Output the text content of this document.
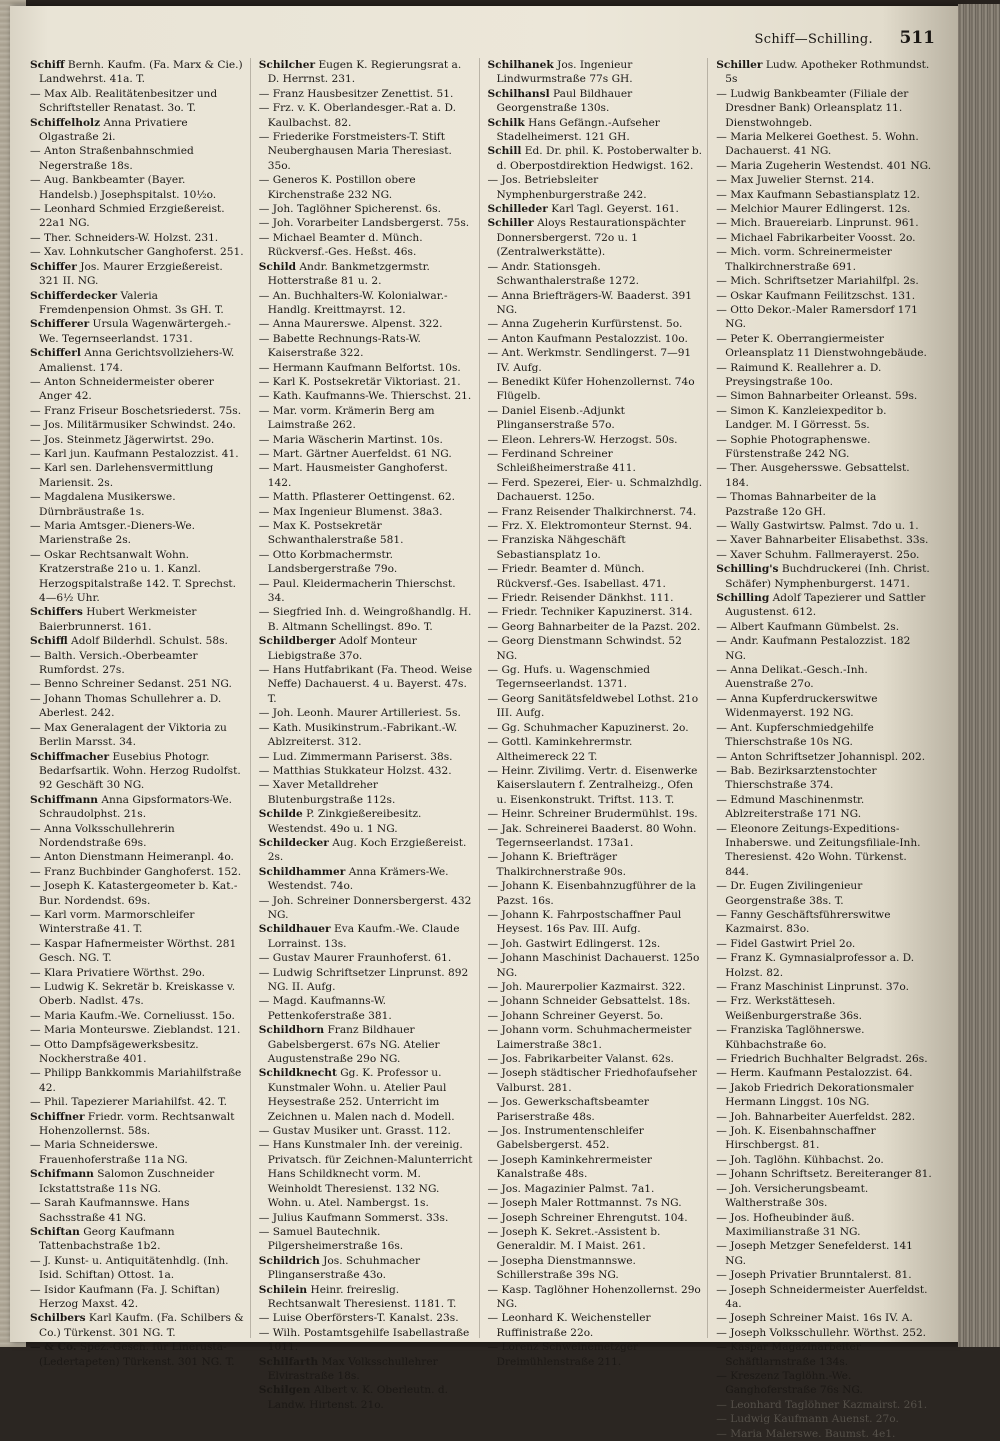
Schiff—Schilling. 511

Schiff Bernh. Kaufm. (Fa. Marx & Cie.) Landwehrst. 41a. T.

— Max Alb. Realitätenbesitzer und Schriftsteller Renatast. 3o. T.

Schiffelholz Anna Privatiere Olgastraße 2i.

— Anton Straßenbahnschmied Negerstraße 18s.

— Aug. Bankbeamter (Bayer. Handelsb.) Josephspitalst. 10½o.

— Leonhard Schmied Erzgießereist. 22a1 NG.

— Ther. Schneiders-W. Holzst. 231.

— Xav. Lohnkutscher Ganghoferst. 251.

Schiffer Jos. Maurer Erzgießereist. 321 II. NG.

Schifferdecker Valeria Fremdenpension Ohmst. 3s GH. T.

Schifferer Ursula Wagenwärtergeh.-We. Tegernseerlandst. 1731.

Schifferl Anna Gerichtsvollziehers-W. Amalienst. 174.

— Anton Schneidermeister oberer Anger 42.

— Franz Friseur Boschetsriederst. 75s.

— Jos. Militärmusiker Schwindst. 24o.

— Jos. Steinmetz Jägerwirtst. 29o.

— Karl jun. Kaufmann Pestalozzist. 41.

— Karl sen. Darlehensvermittlung Mariensit. 2s.

— Magdalena Musikerswe. Dürnbräustraße 1s.

— Maria Amtsger.-Dieners-We. Marienstraße 2s.

— Oskar Rechtsanwalt Wohn. Kratzerstraße 21o u. 1. Kanzl. Herzogspitalstraße 142. T. Sprechst. 4—6½ Uhr.

Schiffers Hubert Werkmeister Baierbrunnerst. 161.

Schiffl Adolf Bilderhdl. Schulst. 58s.

— Balth. Versich.-Oberbeamter Rumfordst. 27s.

— Benno Schreiner Sedanst. 251 NG.

— Johann Thomas Schullehrer a. D. Aberlest. 242.

— Max Generalagent der Viktoria zu Berlin Marsst. 34.

Schiffmacher Eusebius Photogr. Bedarfsartik. Wohn. Herzog Rudolfst. 92 Geschäft 30 NG.

Schiffmann Anna Gipsformators-We. Schraudolphst. 21s.

— Anna Volksschullehrerin Nordendstraße 69s.

— Anton Dienstmann Heimeranpl. 4o.

— Franz Buchbinder Ganghoferst. 152.

— Joseph K. Katastergeometer b. Kat.-Bur. Nordendst. 69s.

— Karl vorm. Marmorschleifer Winterstraße 41. T.

— Kaspar Hafnermeister Wörthst. 281 Gesch. NG. T.

— Klara Privatiere Wörthst. 29o.

— Ludwig K. Sekretär b. Kreiskasse v. Oberb. Nadlst. 47s.

— Maria Kaufm.-We. Corneliusst. 15o.

— Maria Monteurswe. Zieblandst. 121.

— Otto Dampfsägewerksbesitz. Nockherstraße 401.

— Philipp Bankkommis Mariahilfstraße 42.

— Phil. Tapezierer Mariahilfst. 42. T.

Schiffner Friedr. vorm. Rechtsanwalt Hohenzollernst. 58s.

— Maria Schneiderswe. Frauenhoferstraße 11a NG.

Schifmann Salomon Zuschneider Ickstattstraße 11s NG.

— Sarah Kaufmannswe. Hans Sachsstraße 41 NG.

Schiftan Georg Kaufmann Tattenbachstraße 1b2.

— J. Kunst- u. Antiquitätenhdlg. (Inh. Isid. Schiftan) Ottost. 1a.

— Isidor Kaufmann (Fa. J. Schiftan) Herzog Maxst. 42.

Schilbers Karl Kaufm. (Fa. Schilbers & Co.) Türkenst. 301 NG. T.

— & Co. Spez.-Gesch. für Linerusta-(Ledertapeten) Türkenst. 301 NG. T.

Schilcher Eugen K. Regierungsrat a. D. Herrnst. 231.

— Franz Hausbesitzer Zenettist. 51.

— Frz. v. K. Oberlandesger.-Rat a. D. Kaulbachst. 82.

— Friederike Forstmeisters-T. Stift Neuberghausen Maria Theresiast. 35o.

— Generos K. Postillon obere Kirchenstraße 232 NG.

— Joh. Taglöhner Spicherenst. 6s.

— Joh. Vorarbeiter Landsbergerst. 75s.

— Michael Beamter d. Münch. Rückversf.-Ges. Heßst. 46s.

Schild Andr. Bankmetzgermstr. Hotterstraße 81 u. 2.

— An. Buchhalters-W. Kolonialwar.-Handlg. Kreittmayrst. 12.

— Anna Maurerswe. Alpenst. 322.

— Babette Rechnungs-Rats-W. Kaiserstraße 322.

— Hermann Kaufmann Belfortst. 10s.

— Karl K. Postsekretär Viktoriast. 21.

— Kath. Kaufmanns-We. Thierschst. 21.

— Mar. vorm. Krämerin Berg am Laimstraße 262.

— Maria Wäscherin Martinst. 10s.

— Mart. Gärtner Auerfeldst. 61 NG.

— Mart. Hausmeister Ganghoferst. 142.

— Matth. Pflasterer Oettingenst. 62.

— Max Ingenieur Blumenst. 38a3.

— Max K. Postsekretär Schwanthalerstraße 581.

— Otto Korbmachermstr. Landsbergerstraße 79o.

— Paul. Kleidermacherin Thierschst. 34.

— Siegfried Inh. d. Weingroßhandlg. H. B. Altmann Schellingst. 89o. T.

Schildberger Adolf Monteur Liebigstraße 37o.

— Hans Hutfabrikant (Fa. Theod. Weise Neffe) Dachauerst. 4 u. Bayerst. 47s. T.

— Joh. Leonh. Maurer Artilleriest. 5s.

— Kath. Musikinstrum.-Fabrikant.-W. Ablzreiterst. 312.

— Lud. Zimmermann Pariserst. 38s.

— Matthias Stukkateur Holzst. 432.

— Xaver Metalldreher Blutenburgstraße 112s.

Schilde P. Zinkgießereibesitz. Westendst. 49o u. 1 NG.

Schildecker Aug. Koch Erzgießereist. 2s.

Schildhammer Anna Krämers-We. Westendst. 74o.

— Joh. Schreiner Donnersbergerst. 432 NG.

Schildhauer Eva Kaufm.-We. Claude Lorrainst. 13s.

— Gustav Maurer Fraunhoferst. 61.

— Ludwig Schriftsetzer Linprunst. 892 NG. II. Aufg.

— Magd. Kaufmanns-W. Pettenkoferstraße 381.

Schildhorn Franz Bildhauer Gabelsbergerst. 67s NG. Atelier Augustenstraße 29o NG.

Schildknecht Gg. K. Professor u. Kunstmaler Wohn. u. Atelier Paul Heysestraße 252. Unterricht im Zeichnen u. Malen nach d. Modell.

— Gustav Musiker unt. Grasst. 112.

— Hans Kunstmaler Inh. der vereinig. Privatsch. für Zeichnen-Malunterricht Hans Schildknecht vorm. M. Weinholdt Theresienst. 132 NG. Wohn. u. Atel. Nambergst. 1s.

— Julius Kaufmann Sommerst. 33s.

— Samuel Bautechnik. Pilgersheimerstraße 16s.

Schildrich Jos. Schuhmacher Plinganserstraße 43o.

Schilein Heinr. freireslig. Rechtsanwalt Theresienst. 1181. T.

— Luise Oberförsters-T. Kanalst. 23s.

— Wilh. Postamtsgehilfe Isabellastraße 1011.

Schilfarth Max Volksschullehrer Elvirastraße 18s.

Schilgen Albert v. K. Oberleutn. d. Landw. Hirtenst. 21o.

Schilhanek Jos. Ingenieur Lindwurmstraße 77s GH.

Schilhansl Paul Bildhauer Georgenstraße 130s.

Schilk Hans Gefängn.-Aufseher Stadelheimerst. 121 GH.

Schill Ed. Dr. phil. K. Postoberwalter b. d. Oberpostdirektion Hedwigst. 162.

— Jos. Betriebsleiter Nymphenburgerstraße 242.

Schilleder Karl Tagl. Geyerst. 161.

Schiller Aloys Restaurationspächter Donnersbergerst. 72o u. 1 (Zentralwerkstätte).

— Andr. Stationsgeh. Schwanthalerstraße 1272.

— Anna Briefträgers-W. Baaderst. 391 NG.

— Anna Zugeherin Kurfürstenst. 5o.

— Anton Kaufmann Pestalozzist. 10o.

— Ant. Werkmstr. Sendlingerst. 7—91 IV. Aufg.

— Benedikt Küfer Hohenzollernst. 74o Flügelb.

— Daniel Eisenb.-Adjunkt Plinganserstraße 57o.

— Eleon. Lehrers-W. Herzogst. 50s.

— Ferdinand Schreiner Schleißheimerstraße 411.

— Ferd. Spezerei, Eier- u. Schmalzhdlg. Dachauerst. 125o.

— Franz Reisender Thalkirchnerst. 74.

— Frz. X. Elektromonteur Sternst. 94.

— Franziska Nähgeschäft Sebastiansplatz 1o.

— Friedr. Beamter d. Münch. Rückversf.-Ges. Isabellast. 471.

— Friedr. Reisender Dänkhst. 111.

— Friedr. Techniker Kapuzinerst. 314.

— Georg Bahnarbeiter de la Pazst. 202.

— Georg Dienstmann Schwindst. 52 NG.

— Gg. Hufs. u. Wagenschmied Tegernseerlandst. 1371.

— Georg Sanitätsfeldwebel Lothst. 21o III. Aufg.

— Gg. Schuhmacher Kapuzinerst. 2o.

— Gottl. Kaminkehrermstr. Altheimereck 22 T.

— Heinr. Zivilimg. Vertr. d. Eisenwerke Kaiserslautern f. Zentralheizg., Ofen u. Eisenkonstrukt. Triftst. 113. T.

— Heinr. Schreiner Brudermühlst. 19s.

— Jak. Schreinerei Baaderst. 80 Wohn. Tegernseerlandst. 173a1.

— Johann K. Briefträger Thalkirchnerstraße 90s.

— Johann K. Eisenbahnzugführer de la Pazst. 16s.

— Johann K. Fahrpostschaffner Paul Heysest. 16s Pav. III. Aufg.

— Joh. Gastwirt Edlingerst. 12s.

— Johann Maschinist Dachauerst. 125o NG.

— Joh. Maurerpolier Kazmairst. 322.

— Johann Schneider Gebsattelst. 18s.

— Johann Schreiner Geyerst. 5o.

— Johann vorm. Schuhmachermeister Laimerstraße 38c1.

— Jos. Fabrikarbeiter Valanst. 62s.

— Joseph städtischer Friedhofaufseher Valburst. 281.

— Jos. Gewerkschaftsbeamter Pariserstraße 48s.

— Jos. Instrumentenschleifer Gabelsbergerst. 452.

— Joseph Kaminkehrermeister Kanalstraße 48s.

— Jos. Magazinier Palmst. 7a1.

— Joseph Maler Rottmannst. 7s NG.

— Joseph Schreiner Ehrengutst. 104.

— Joseph K. Sekret.-Assistent b. Generaldir. M. I Maist. 261.

— Josepha Dienstmannswe. Schillerstraße 39s NG.

— Kasp. Taglöhner Hohenzollernst. 29o NG.

— Leonhard K. Weichensteller Ruffinistraße 22o.

— Lorenz Schweinemetzger Dreimühlenstraße 211.

Schiller Ludw. Apotheker Rothmundst. 5s

— Ludwig Bankbeamter (Filiale der Dresdner Bank) Orleansplatz 11. Dienstwohngeb.

— Maria Melkerei Goethest. 5. Wohn. Dachauerst. 41 NG.

— Maria Zugeherin Westendst. 401 NG.

— Max Juwelier Sternst. 214.

— Max Kaufmann Sebastiansplatz 12.

— Melchior Maurer Edlingerst. 12s.

— Mich. Brauereiarb. Linprunst. 961.

— Michael Fabrikarbeiter Voosst. 2o.

— Mich. vorm. Schreinermeister Thalkirchnerstraße 691.

— Mich. Schriftsetzer Mariahilfpl. 2s.

— Oskar Kaufmann Feilitzschst. 131.

— Otto Dekor.-Maler Ramersdorf 171 NG.

— Peter K. Oberrangiermeister Orleansplatz 11 Dienstwohngebäude.

— Raimund K. Reallehrer a. D. Preysingstraße 10o.

— Simon Bahnarbeiter Orleanst. 59s.

— Simon K. Kanzleiexpeditor b. Landger. M. I Görresst. 5s.

— Sophie Photographenswe. Fürstenstraße 242 NG.

— Ther. Ausgehersswe. Gebsattelst. 184.

— Thomas Bahnarbeiter de la Pazstraße 12o GH.

— Wally Gastwirtsw. Palmst. 7do u. 1.

— Xaver Bahnarbeiter Elisabethst. 33s.

— Xaver Schuhm. Fallmerayerst. 25o.

Schilling's Buchdruckerei (Inh. Christ. Schäfer) Nymphenburgerst. 1471.

Schilling Adolf Tapezierer und Sattler Augustenst. 612.

— Albert Kaufmann Gümbelst. 2s.

— Andr. Kaufmann Pestalozzist. 182 NG.

— Anna Delikat.-Gesch.-Inh. Auenstraße 27o.

— Anna Kupferdruckerswitwe Widenmayerst. 192 NG.

— Ant. Kupferschmiedgehilfe Thierschstraße 10s NG.

— Anton Schriftsetzer Johannispl. 202.

— Bab. Bezirksarztenstochter Thierschstraße 374.

— Edmund Maschinenmstr. Ablzreiterstraße 171 NG.

— Eleonore Zeitungs-Expeditions-Inhaberswe. und Zeitungsfiliale-Inh. Theresienst. 42o Wohn. Türkenst. 844.

— Dr. Eugen Zivilingenieur Georgenstraße 38s. T.

— Fanny Geschäftsführerswitwe Kazmairst. 83o.

— Fidel Gastwirt Priel 2o.

— Franz K. Gymnasialprofessor a. D. Holzst. 82.

— Franz Maschinist Linprunst. 37o.

— Frz. Werkstätteseh. Weißenburgerstraße 36s.

— Franziska Taglöhnerswe. Kühbachstraße 6o.

— Friedrich Buchhalter Belgradst. 26s.

— Herm. Kaufmann Pestalozzist. 64.

— Jakob Friedrich Dekorationsmaler Hermann Linggst. 10s NG.

— Joh. Bahnarbeiter Auerfeldst. 282.

— Joh. K. Eisenbahnschaffner Hirschbergst. 81.

— Joh. Taglöhn. Kühbachst. 2o.

— Johann Schriftsetz. Bereiteranger 81.

— Joh. Versicherungsbeamt. Waltherstraße 30s.

— Jos. Hofheubinder äuß. Maximilianstraße 31 NG.

— Joseph Metzger Senefelderst. 141 NG.

— Joseph Privatier Brunntalerst. 81.

— Joseph Schneidermeister Auerfeldst. 4a.

— Joseph Schreiner Maist. 16s IV. A.

— Joseph Volksschullehr. Wörthst. 252.

— Kaspar Magazinarbeiter Schäftlarnstraße 134s.

— Kreszenz Taglöhn.-We. Ganghoferstraße 76s NG.

— Leonhard Taglöhner Kazmairst. 261.

— Ludwig Kaufmann Auenst. 27o.

— Maria Malerswe. Baumst. 4e1.
